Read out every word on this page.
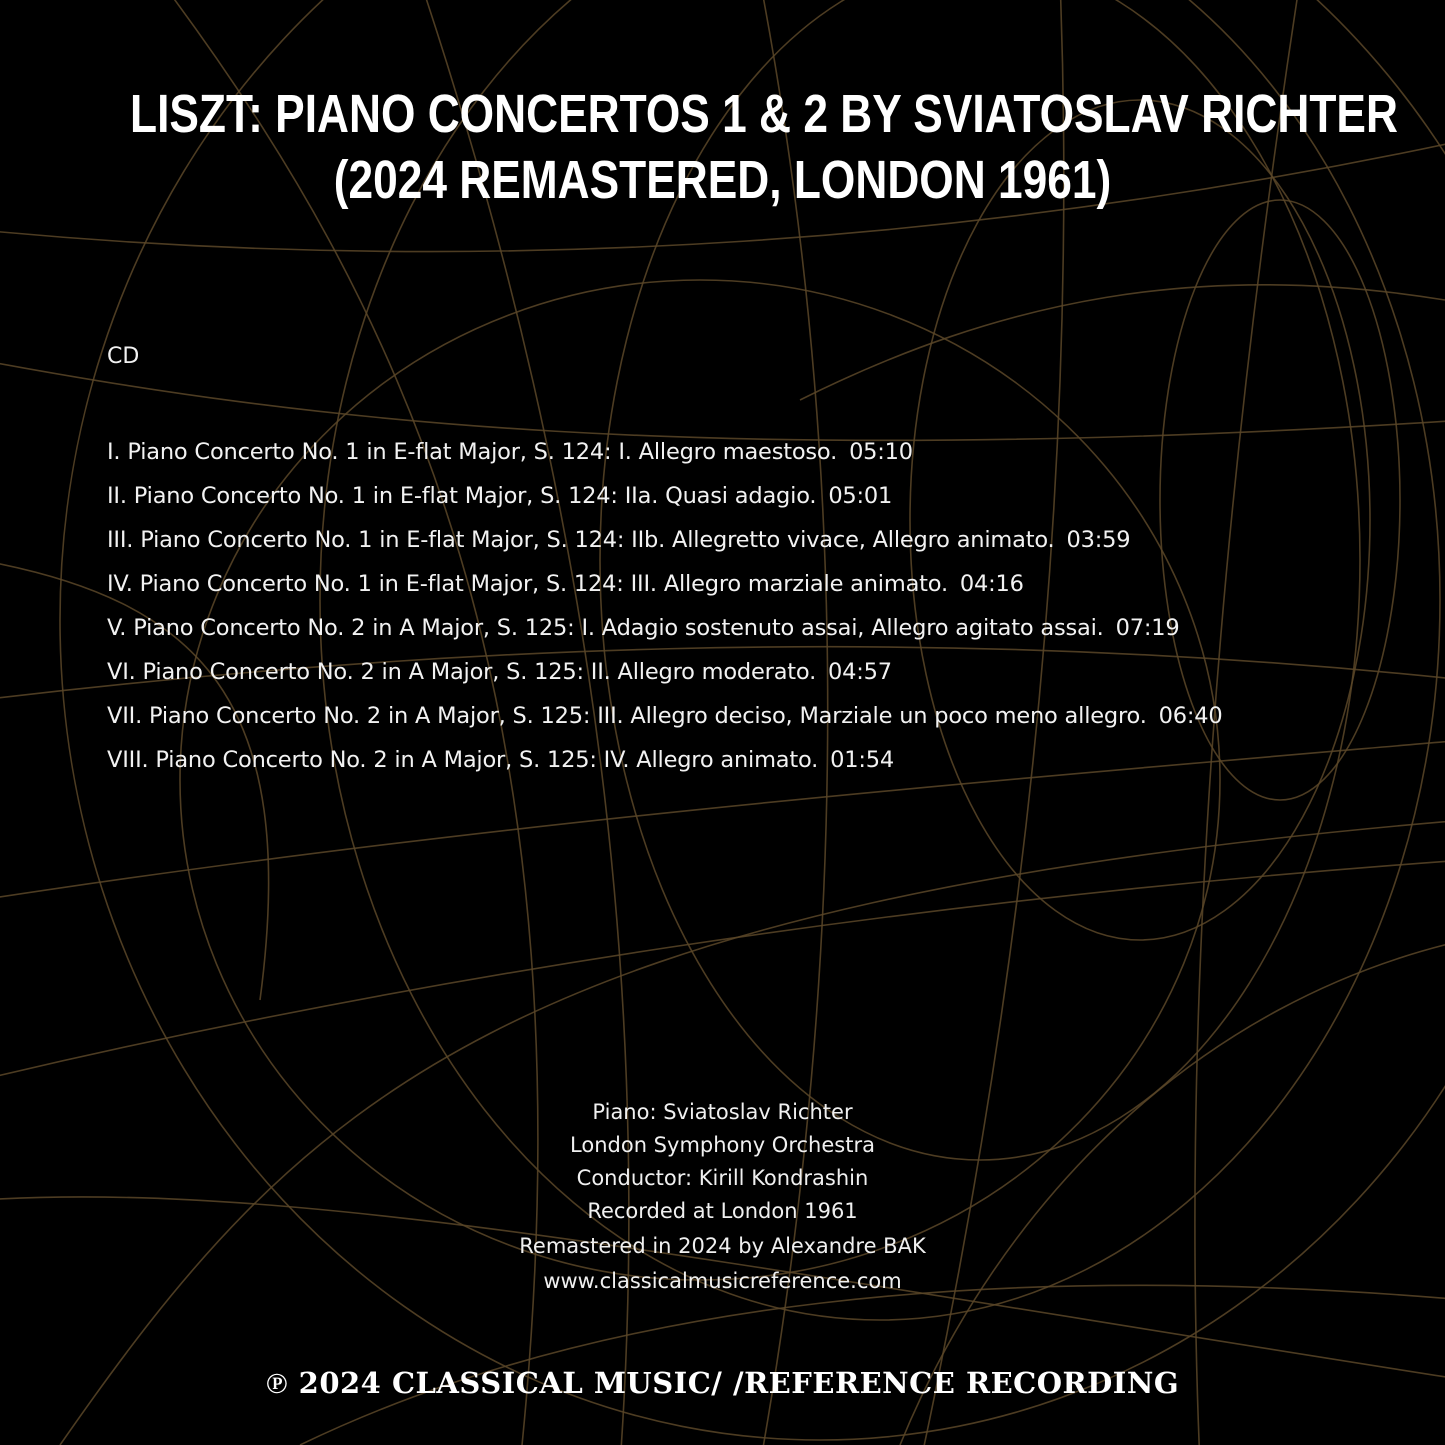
LISZT: PIANO CONCERTOS 1 & 2 BY SVIATOSLAV RICHTER
(2024 REMASTERED, LONDON 1961)
CD
I. Piano Concerto No. 1 in E-flat Major, S. 124: I. Allegro maestoso. 05:10
II. Piano Concerto No. 1 in E-flat Major, S. 124: IIa. Quasi adagio. 05:01
III. Piano Concerto No. 1 in E-flat Major, S. 124: IIb. Allegretto vivace, Allegro animato. 03:59
IV. Piano Concerto No. 1 in E-flat Major, S. 124: III. Allegro marziale animato. 04:16
V. Piano Concerto No. 2 in A Major, S. 125: I. Adagio sostenuto assai, Allegro agitato assai. 07:19
VI. Piano Concerto No. 2 in A Major, S. 125: II. Allegro moderato. 04:57
VII. Piano Concerto No. 2 in A Major, S. 125: III. Allegro deciso, Marziale un poco meno allegro. 06:40
VIII. Piano Concerto No. 2 in A Major, S. 125: IV. Allegro animato. 01:54
Piano: Sviatoslav Richter
London Symphony Orchestra
Conductor: Kirill Kondrashin
Recorded at London 1961
Remastered in 2024 by Alexandre BAK
www.classicalmusicreference.com
℗ 2024 CLASSICAL MUSIC/ /REFERENCE RECORDING
